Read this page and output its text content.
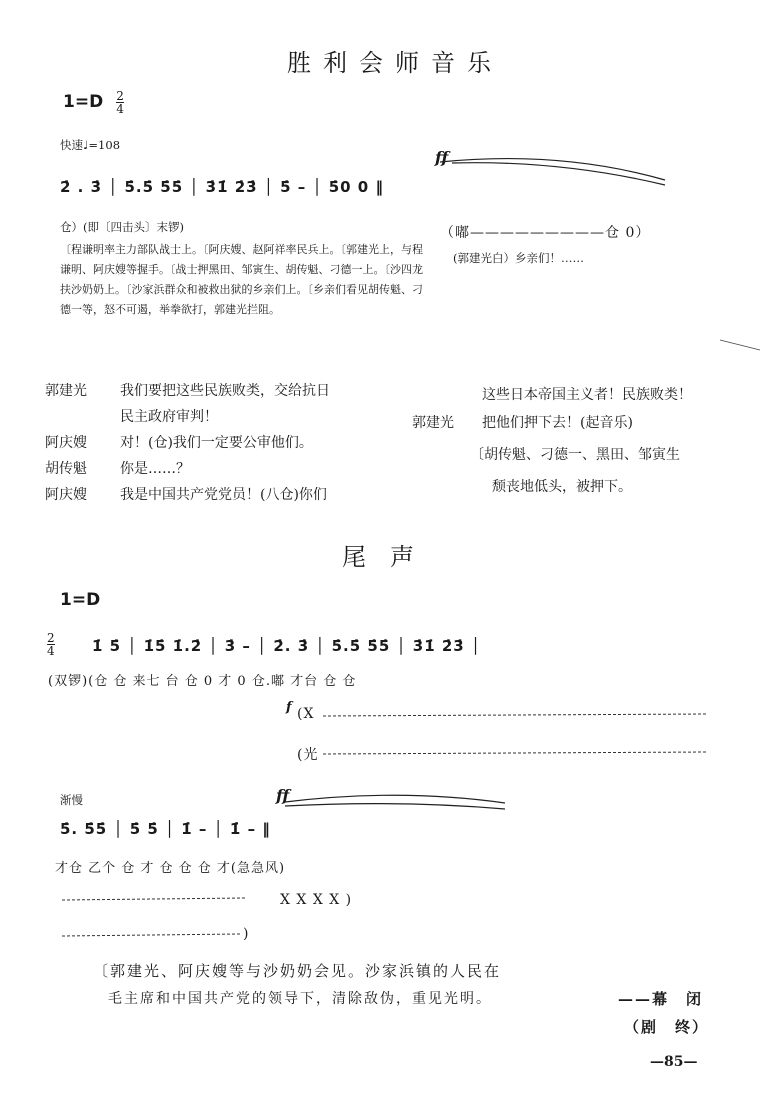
胜利会师音乐
$1=D \frac{2}{4}$
快速♩=108
ff
2̇ . 3̇ │ 5̇.5̇ 5̇5̇ │ 3̇1̇ 2̇3̇ │ 5̇ – │ 5̇0 0 ‖
仓）(即〔四击头〕末锣)	（嘟—————————仓 0）
(郭建光白）乡亲们！……
〔程谦明率主力部队战士上。〔阿庆嫂、赵阿祥率民兵上。〔郭建光上，与程谦明、阿庆嫂等握手。〔战士押黑田、邹寅生、胡传魁、刁德一上。〔沙四龙扶沙奶奶上。〔沙家浜群众和被救出狱的乡亲们上。〔乡亲们看见胡传魁、刁德一等，怒不可遏，举拳欲打，郭建光拦阻。
郭建光 我们要把这些民族败类，交给抗日
民主政府审判！
阿庆嫂 对！(仓)我们一定要公审他们。
胡传魁 你是……？
阿庆嫂 我是中国共产党党员！(八仓)你们
这些日本帝国主义者！民族败类！
郭建光 把他们押下去！(起音乐)
〔胡传魁、刁德一、黑田、邹寅生
颓丧地低头，被押下。
尾　声
1=D
$\frac{2}{4}$ 1̇ 5̇ │ 1̇5̇ 1̇.2̇ │ 3̇ – │ 2̇. 3̇ │ 5̇.5̇ 5̇5̇ │ 3̇1̇ 2̇3̇ │
(双锣)(仓 仓 来七 台 仓 0 才 0 仓.嘟 才台 仓 仓
f (X
(光
渐慢	ff
5̇. 5̇5̇ │ 5̇ 5̇ │ 1̇̇ – │ 1̇̇ – ‖
才仓 乙个 仓 才 仓 仓 仓 才(急急风)
X X X X )
)
〔郭建光、阿庆嫂等与沙奶奶会见。沙家浜镇的人民在
毛主席和中国共产党的领导下，清除敌伪，重见光明。	——幕　闭
（剧　终）
—85—
